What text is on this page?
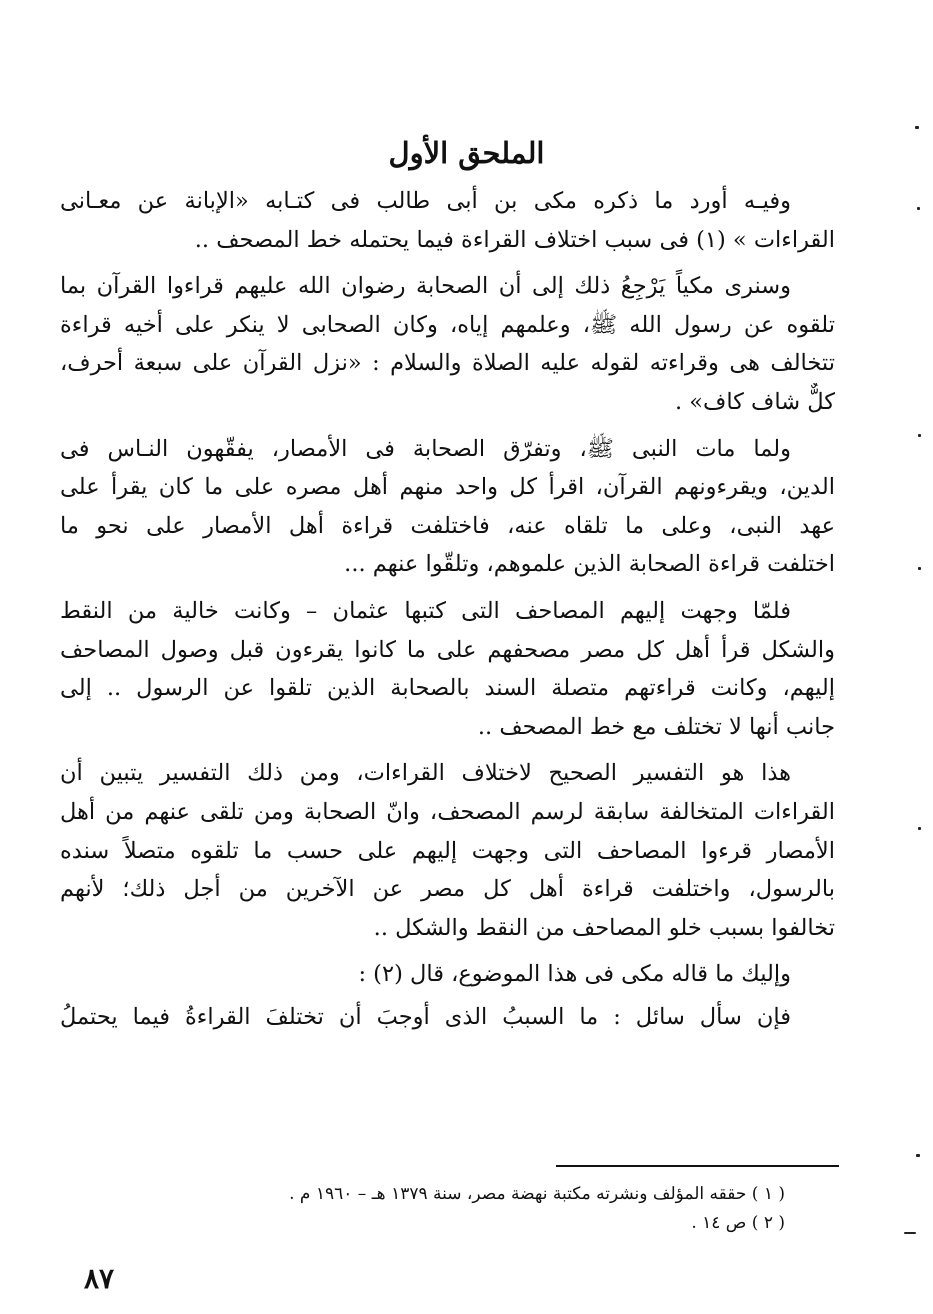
الملحق الأول
وفيـه أورد ما ذكره مكى بن أبى طالب فى كتـابه «الإبانة عن معـانى
القراءات » (١) فى سبب اختلاف القراءة فيما يحتمله خط المصحف ..
وسنرى مكياً يَرْجِعُ ذلك إلى أن الصحابة رضوان الله عليهم قراءوا القرآن بما
تلقوه عن رسول الله ﷺ، وعلمهم إياه، وكان الصحابى لا ينكر على أخيه قراءة
تتخالف هى وقراءته لقوله عليه الصلاة والسلام : «نزل القرآن على سبعة أحرف،
كلٌّ شاف كاف» .
ولما مات النبى ﷺ، وتفرّق الصحابة فى الأمصار، يفقّهون النـاس فى
الدين، ويقرءونهم القرآن، اقرأ كل واحد منهم أهل مصره على ما كان يقرأ على
عهد النبى، وعلى ما تلقاه عنه، فاختلفت قراءة أهل الأمصار على نحو ما
اختلفت قراءة الصحابة الذين علموهم، وتلقّوا عنهم ...
فلمّا وجهت إليهم المصاحف التى كتبها عثمان – وكانت خالية من النقط
والشكل قرأ أهل كل مصر مصحفهم على ما كانوا يقرءون قبل وصول المصاحف
إليهم، وكانت قراءتهم متصلة السند بالصحابة الذين تلقوا عن الرسول .. إلى
جانب أنها لا تختلف مع خط المصحف ..
هذا هو التفسير الصحيح لاختلاف القراءات، ومن ذلك التفسير يتبين أن
القراءات المتخالفة سابقة لرسم المصحف، وانّ الصحابة ومن تلقى عنهم من أهل
الأمصار قرءوا المصاحف التى وجهت إليهم على حسب ما تلقوه متصلاً سنده
بالرسول، واختلفت قراءة أهل كل مصر عن الآخرين من أجل ذلك؛ لأنهم
تخالفوا بسبب خلو المصاحف من النقط والشكل ..
وإليك ما قاله مكى فى هذا الموضوع، قال (٢) :
فإن سأل سائل : ما السببُ الذى أوجبَ أن تختلفَ القراءةُ فيما يحتملُ
( ١ ) حققه المؤلف ونشرته مكتبة نهضة مصر، سنة ١٣٧٩ هـ – ١٩٦٠ م .
( ٢ ) ص ١٤ .
٨٧
